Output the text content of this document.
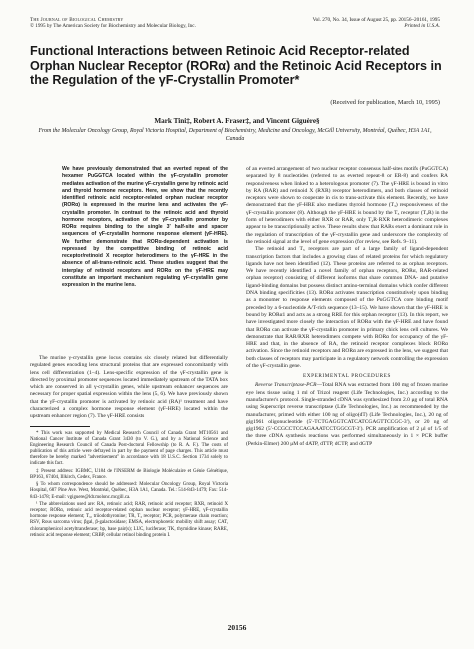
The Journal of Biological Chemistry
© 1995 by The American Society for Biochemistry and Molecular Biology, Inc.
Vol. 270, No. 34, Issue of August 25, pp. 20156–20161, 1995
Printed in U.S.A.
Functional Interactions between Retinoic Acid Receptor-related Orphan Nuclear Receptor (RORα) and the Retinoic Acid Receptors in the Regulation of the γF-Crystallin Promoter*
(Received for publication, March 10, 1995)
Mark Tini‡, Robert A. Fraser‡, and Vincent Giguère§
From the Molecular Oncology Group, Royal Victoria Hospital, Department of Biochemistry, Medicine and Oncology, McGill University, Montréal, Québec, H3A 1A1, Canada

We have previously demonstrated that an everted repeat of the hexamer PuGGTCA located within the γF-crystallin promoter mediates activation of the murine γF-crystallin gene by retinoic acid and thyroid hormone receptors. Here, we show that the recently identified retinoic acid receptor-related orphan nuclear receptor (RORα) is expressed in the murine lens and activates the γF-crystallin promoter. In contrast to the retinoic acid and thyroid hormone receptors, activation of the γF-crystallin promoter by RORα requires binding to the single 3′ half-site and spacer sequences of γF-crystallin hormone response element (γF-HRE). We further demonstrate that RORα-dependent activation is repressed by the competitive binding of retinoic acid receptor/retinoid X receptor heterodimers to the γF-HRE in the absence of all-trans-retinoic acid. These studies suggest that the interplay of retinoid receptors and RORα on the γF-HRE may constitute an important mechanism regulating γF-crystallin gene expression in the murine lens.

The murine γ-crystallin gene locus contains six closely related but differentially regulated genes encoding lens structural proteins that are expressed concomitantly with lens cell differentiation (1–4). Lens-specific expression of the γF-crystallin gene is directed by proximal promoter sequences located immediately upstream of the TATA box which are conserved in all γ-crystallin genes, while upstream enhancer sequences are necessary for proper spatial expression within the lens (5, 6). We have previously shown that the γF-crystallin promoter is activated by retinoic acid (RA)¹ treatment and have characterized a complex hormone response element (γF-HRE) located within the upstream enhancer region (7). The γF-HRE consists

* This work was supported by Medical Research Council of Canada Grant MT10561 and National Cancer Institute of Canada Grant 3430 (to V. G.), and by a National Science and Engineering Research Council of Canada Post-doctoral Fellowship (to R. A. F.). The costs of publication of this article were defrayed in part by the payment of page charges. This article must therefore be hereby marked "advertisement" in accordance with 18 U.S.C. Section 1734 solely to indicate this fact.

‡ Present address: IGBMC, U184 de l'INSERM de Biologie Moléculaire et Génie Génétique, BP163, 67404, Illkirch, Cedex, France.

§ To whom correspondence should be addressed: Molecular Oncology Group, Royal Victoria Hospital, 687 Pine Ave. West, Montréal, Québec, H3A 1A1, Canada. Tel.: 514-843-1479; Fax: 514-843-1478; E-mail: vgiguere@ldr.molonc.mcgill.ca.

¹ The abbreviations used are: RA, retinoic acid; RAR, retinoic acid receptor; RXR, retinoid X receptor; RORα, retinoic acid receptor-related orphan nuclear receptor; γF-HRE, γF-crystallin hormone response element; T₃, triiodothyronine; TR, T₃ receptor; PCR, polymerase chain reaction; RSV, Rous sarcoma virus; βgal, β-galactosidase; EMSA, electrophoretic mobility shift assay; CAT, chloramphenicol acetyltransferase; bp, base pair(s); LUC, luciferase; TK, thymidine kinase; RARE, retinoic acid response element; CRBP, cellular retinol binding protein I.

of an everted arrangement of two nuclear receptor consensus half-sites motifs (PuGGTCA) separated by 8 nucleotides (referred to as everted repeat-8 or ER-8) and confers RA responsiveness when linked to a heterologous promoter (7). The γF-HRE is bound in vitro by RA (RAR) and retinoid X (RXR) receptor heterodimers, and both classes of retinoid receptors were shown to cooperate in cis to trans-activate this element. Recently, we have demonstrated that the γF-HRE also mediates thyroid hormone (T₃) responsiveness of the γF-crystallin promoter (8). Although the γF-HRE is bound by the T₃ receptor (T₃R) in the form of heterodimers with either RXR or RAR, only T₃R·RXR heterodimeric complexes appear to be transcriptionally active. These results show that RARs exert a dominant role in the regulation of transcription of the γF-crystallin gene and underscore the complexity of the retinoid signal at the level of gene expression (for review, see Refs. 9–11).

The retinoid and T₃ receptors are part of a large family of ligand-dependent transcription factors that includes a growing class of related proteins for which regulatory ligands have not been identified (12). These proteins are referred to as orphan receptors. We have recently identified a novel family of orphan receptors, RORα, RAR-related orphan receptor) consisting of different isoforms that share common DNA- and putative ligand-binding domains but possess distinct amino-terminal domains which confer different DNA binding specificities (13). RORα activates transcription constitutively upon binding as a monomer to response elements composed of the PuGGTCA core binding motif preceded by a 6-nucleotide A/T-rich sequence (13–15). We have shown that the γF-HRE is bound by RORα1 and acts as a strong RRE for this orphan receptor (13). In this report, we have investigated more closely the interaction of RORα with the γF-HRE and have found that RORα can activate the γF-crystallin promoter in primary chick lens cell cultures. We demonstrate that RAR/RXR heterodimers compete with RORα for occupancy of the γF-HRE and that, in the absence of RA, the retinoid receptor complexes block RORα activation. Since the retinoid receptors and RORα are expressed in the lens, we suggest that both classes of receptors may participate in a regulatory network controlling the expression of the γF-crystallin gene.

EXPERIMENTAL PROCEDURES

Reverse Transcriptase-PCR—Total RNA was extracted from 100 mg of frozen murine eye lens tissue using 1 ml of Trizol reagent (Life Technologies, Inc.) according to the manufacturer's protocol. Single-stranded cDNA was synthesized from 2.0 μg of total RNA using Superscript reverse transcriptase (Life Technologies, Inc.) as recommended by the manufacturer, primed with either 100 ng of oligo(dT) (Life Technologies, Inc.), 20 ng of gig1961 oligonucleotide (5′-TCTGAGGTCATCATCGAGTTCCGC-3′), or 20 ng of gig1962 (5′-CCGCCTCCAGAAATCCTGGCGT-3′). PCR amplification of 2 μl of 1/5 of the three cDNA synthesis reactions was performed simultaneously in 1 × PCR buffer (Perkin-Elmer) 200 μM of dATP, dTTP, dCTP, and dGTP

20156
